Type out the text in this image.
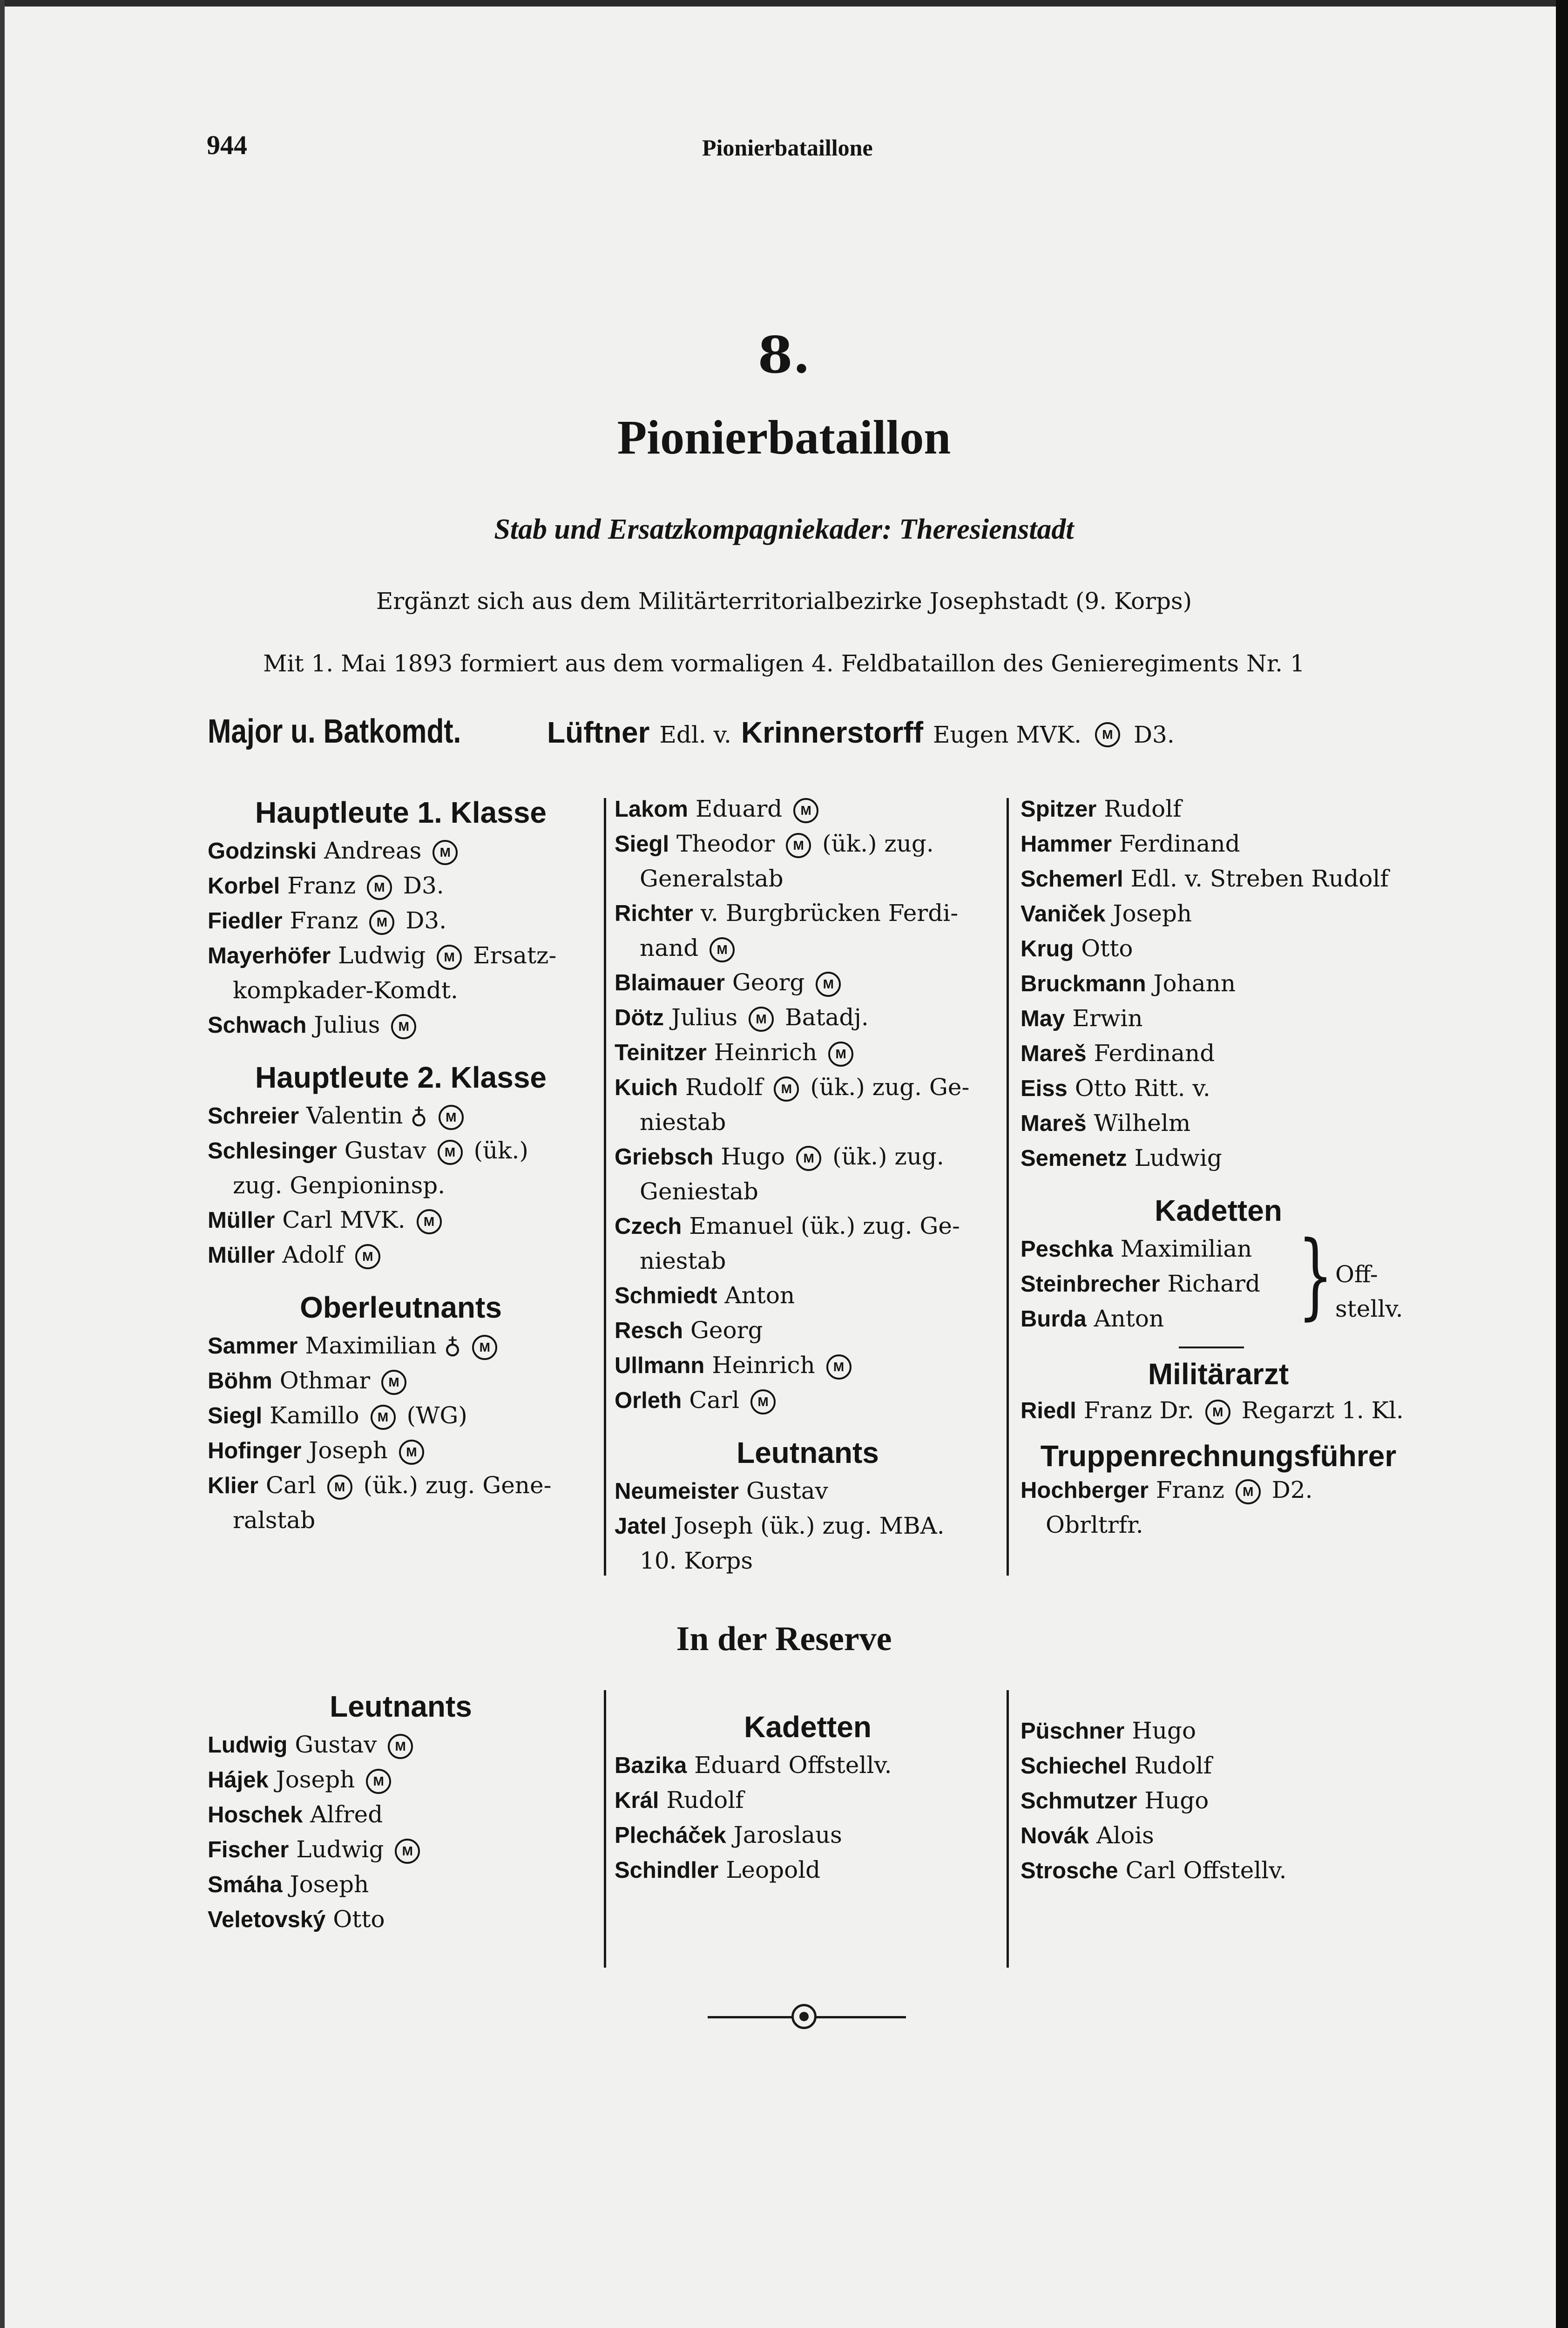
944	Pionierbataillone
8.
Pionierbataillon
Stab und Ersatzkompagniekader: Theresienstadt
Ergänzt sich aus dem Militärterritorialbezirke Josephstadt (9. Korps)
Mit 1. Mai 1893 formiert aus dem vormaligen 4. Feldbataillon des Genieregiments Nr. 1
Major u. Batkomdt.	Lüftner Edl. v. Krinnerstorff Eugen MVK. M D3.
Hauptleute 1. Klasse
Godzinski Andreas M
Korbel Franz M D3.
Fiedler Franz M D3.
Mayerhöfer Ludwig M Ersatz-
kompkader-Komdt.
Schwach Julius M
Hauptleute 2. Klasse
Schreier Valentin ♁ M
Schlesinger Gustav M (ük.)
zug. Genpioninsp.
Müller Carl MVK. M
Müller Adolf M
Oberleutnants
Sammer Maximilian ♁ M
Böhm Othmar M
Siegl Kamillo M (WG)
Hofinger Joseph M
Klier Carl M (ük.) zug. Gene-
ralstab
Lakom Eduard M
Siegl Theodor M (ük.) zug.
Generalstab
Richter v. Burgbrücken Ferdi-
nand M
Blaimauer Georg M
Dötz Julius M Batadj.
Teinitzer Heinrich M
Kuich Rudolf M (ük.) zug. Ge-
niestab
Griebsch Hugo M (ük.) zug.
Geniestab
Czech Emanuel (ük.) zug. Ge-
niestab
Schmiedt Anton
Resch Georg
Ullmann Heinrich M
Orlеth Carl M
Leutnants
Neumeister Gustav
Jatel Joseph (ük.) zug. MBA.
10. Korps
Spitzer Rudolf
Hammer Ferdinand
Schemerl Edl. v. Streben Rudolf
Vaniček Joseph
Krug Otto
Bruckmann Johann
May Erwin
Mareš Ferdinand
Eiss Otto Ritt. v.
Mareš Wilhelm
Semenetz Ludwig
Kadetten
Peschka Maximilian
Steinbrecher Richard
Burda Anton
Militärarzt
Riedl Franz Dr. M Regarzt 1. Kl.
Truppenrechnungsführer
Hochberger Franz M D2.
Obrltrfr.
} Off-
stellv.
In der Reserve
Leutnants
Ludwig Gustav M
Hájek Joseph M
Hoschek Alfred
Fischer Ludwig M
Smáha Joseph
Veletovský Otto
Kadetten
Bazika Eduard Offstellv.
Král Rudolf
Plecháček Jaroslaus
Schindler Leopold
Püschner Hugo
Schiechel Rudolf
Schmutzer Hugo
Novák Alois
Strosche Carl Offstellv.
